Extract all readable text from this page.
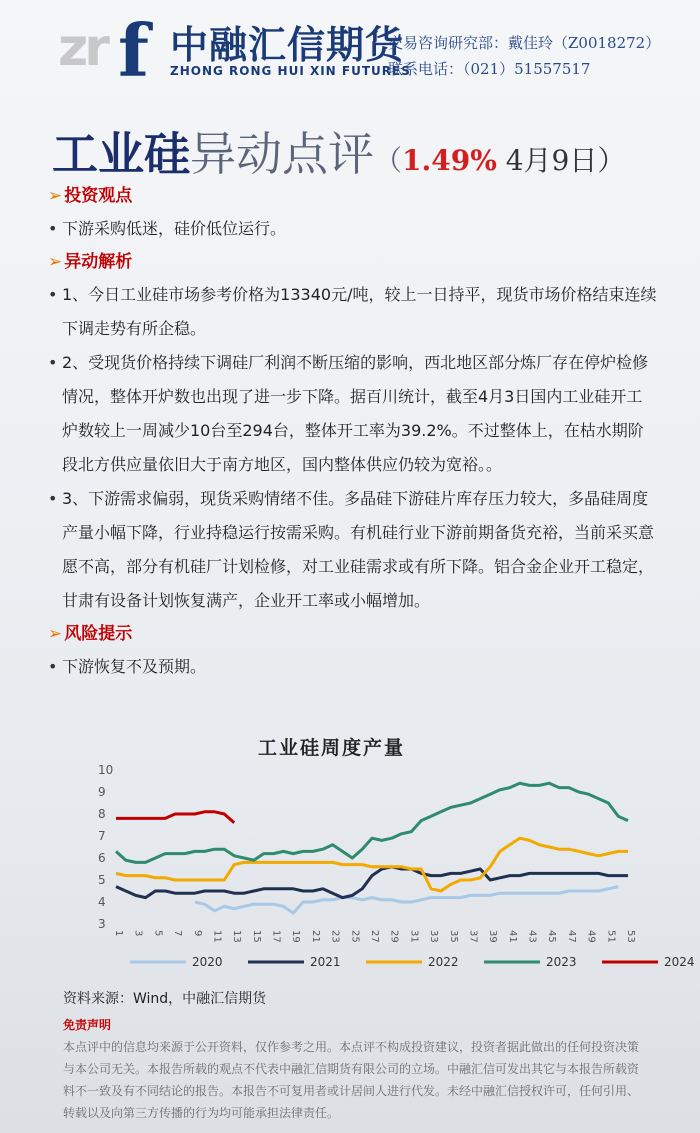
zr f 中融汇信期货
ZHONG RONG HUI XIN FUTURES
交易咨询研究部：戴佳玲（Z0018272）
联系电话：（021）51557517
工业硅异动点评（1.49% 4月9日）
➢ 投资观点
• 下游采购低迷，硅价低位运行。
➢ 异动解析
• 1、今日工业硅市场参考价格为13340元/吨，较上一日持平，现货市场价格结束连续下调走势有所企稳。
• 2、受现货价格持续下调硅厂利润不断压缩的影响，西北地区部分炼厂存在停炉检修情况，整体开炉数也出现了进一步下降。据百川统计，截至4月3日国内工业硅开工炉数较上一周减少10台至294台，整体开工率为39.2%。不过整体上，在枯水期阶段北方供应量依旧大于南方地区，国内整体供应仍较为宽裕。。
• 3、下游需求偏弱，现货采购情绪不佳。多晶硅下游硅片库存压力较大，多晶硅周度产量小幅下降，行业持稳运行按需采购。有机硅行业下游前期备货充裕，当前采买意愿不高，部分有机硅厂计划检修，对工业硅需求或有所下降。铝合金企业开工稳定，甘肃有设备计划恢复满产，企业开工率或小幅增加。
➢ 风险提示
• 下游恢复不及预期。
工业硅周度产量
3
4
5
6
7
8
9
10
1 3 5 7 9 11 13 15 17 19 21 23 25 27 29 31 33 35 37 39 41 43 45 47 49 51 53
2020	2021	2022	2023	2024
资料来源：Wind，中融汇信期货
免责声明
本点评中的信息均来源于公开资料，仅作参考之用。本点评不构成投资建议，投资者据此做出的任何投资决策与本公司无关。本报告所载的观点不代表中融汇信期货有限公司的立场。中融汇信可发出其它与本报告所载资料不一致及有不同结论的报告。本报告不可复用者或计居间人进行代发。未经中融汇信授权许可，任何引用、转载以及向第三方传播的行为均可能承担法律责任。
